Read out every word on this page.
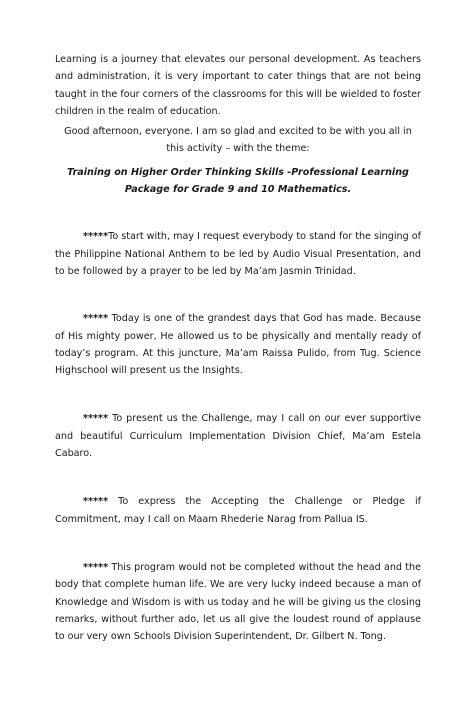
Learning is a journey that elevates our personal development. As teachers and administration, it is very important to cater things that are not being taught in the four corners of the classrooms for this will be wielded to foster children in the realm of education.

Good afternoon, everyone. I am so glad and excited to be with you all in this activity – with the theme:

Training on Higher Order Thinking Skills -Professional Learning Package for Grade 9 and 10 Mathematics.

*****To start with, may I request everybody to stand for the singing of the Philippine National Anthem to be led by Audio Visual Presentation, and to be followed by a prayer to be led by Ma’am Jasmin Trinidad.

***** Today is one of the grandest days that God has made. Because of His mighty power, He allowed us to be physically and mentally ready of today’s program. At this juncture, Ma’am Raissa Pulido, from Tug. Science Highschool will present us the Insights.

***** To present us the Challenge, may I call on our ever supportive and beautiful Curriculum Implementation Division Chief, Ma’am Estela Cabaro.

***** To express the Accepting the Challenge or Pledge if Commitment, may I call on Maam Rhederie Narag from Pallua IS.

***** This program would not be completed without the head and the body that complete human life. We are very lucky indeed because a man of Knowledge and Wisdom is with us today and he will be giving us the closing remarks, without further ado, let us all give the loudest round of applause to our very own Schools Division Superintendent, Dr. Gilbert N. Tong.
